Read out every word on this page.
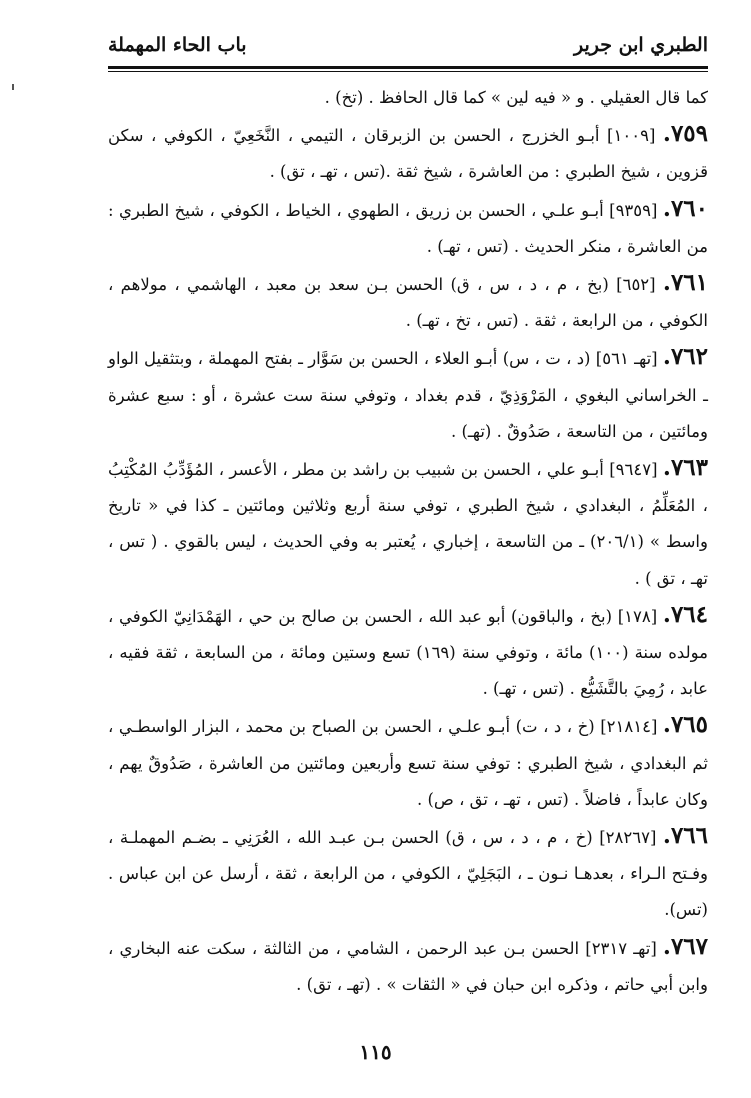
الطبري ابن جرير
باب الحاء المهملة

كما قال العقيلي . و « فيه لين » كما قال الحافظ . (تخ) .

٧٥٩. [١٠٠٩] أبـو الخزرج ، الحسن بن الزبرقان ، التيمي ، النَّخَعِيّ ، الكوفي ، سكن قزوين ، شيخ الطبري : من العاشرة ، شيخ ثقة .(تس ، تهـ ، تق) .

٧٦٠. [٩٣٥٩] أبـو علـي ، الحسن بن زريق ، الطهوي ، الخياط ، الكوفي ، شيخ الطبري : من العاشرة ، منكر الحديث . (تس ، تهـ) .

٧٦١. [٦٥٢] (بخ ، م ، د ، س ، ق) الحسن بـن سعد بن معبد ، الهاشمي ، مولاهم ، الكوفي ، من الرابعة ، ثقة . (تس ، تخ ، تهـ) .

٧٦٢. [تهـ ٥٦١] (د ، ت ، س) أبـو العلاء ، الحسن بن سَوَّار ـ بفتح المهملة ، وبتثقيل الواو ـ الخراساني البغوي ، المَرْوَذِيّ ، قدم بغداد ، وتوفي سنة ست عشرة ، أو : سبع عشرة ومائتين ، من التاسعة ، صَدُوقٌ . (تهـ) .

٧٦٣. [٩٦٤٧] أبـو علي ، الحسن بن شبيب بن راشد بن مطر ، الأعسر ، المُؤَدِّبُ المُكْتِبُ ، المُعَلِّمُ ، البغدادي ، شيخ الطبري ، توفي سنة أربع وثلاثين ومائتين ـ كذا في « تاريخ واسط » (٢٠٦/١) ـ من التاسعة ، إخباري ، يُعتبر به وفي الحديث ، ليس بالقوي . ( تس ، تهـ ، تق ) .

٧٦٤. [١٧٨] (بخ ، والباقون) أبو عبد الله ، الحسن بن صالح بن حي ، الهَمْدَانِيّ الكوفي ، مولده سنة (١٠٠) مائة ، وتوفي سنة (١٦٩) تسع وستين ومائة ، من السابعة ، ثقة فقيه ، عابد ، رُمِيَ بالتَّشَيُّع . (تس ، تهـ) .

٧٦٥. [٢١٨١٤] (خ ، د ، ت) أبـو علـي ، الحسن بن الصباح بن محمد ، البزار الواسطـي ، ثم البغدادي ، شيخ الطبري : توفي سنة تسع وأربعين ومائتين من العاشرة ، صَدُوقٌ يهم ، وكان عابداً ، فاضلاً . (تس ، تهـ ، تق ، ص) .

٧٦٦. [٢٨٢٦٧] (خ ، م ، د ، س ، ق) الحسن بـن عبـد الله ، العُرَنِي ـ بضـم المهملـة ، وفـتح الـراء ، بعدهـا نـون ـ ، البَجَلِيّ ، الكوفي ، من الرابعة ، ثقة ، أرسل عن ابن عباس . (تس).

٧٦٧. [تهـ ٢٣١٧] الحسن بـن عبد الرحمن ، الشامي ، من الثالثة ، سكت عنه البخاري ، وابن أبي حاتم ، وذكره ابن حبان في « الثقات » . (تهـ ، تق) .

١١٥
